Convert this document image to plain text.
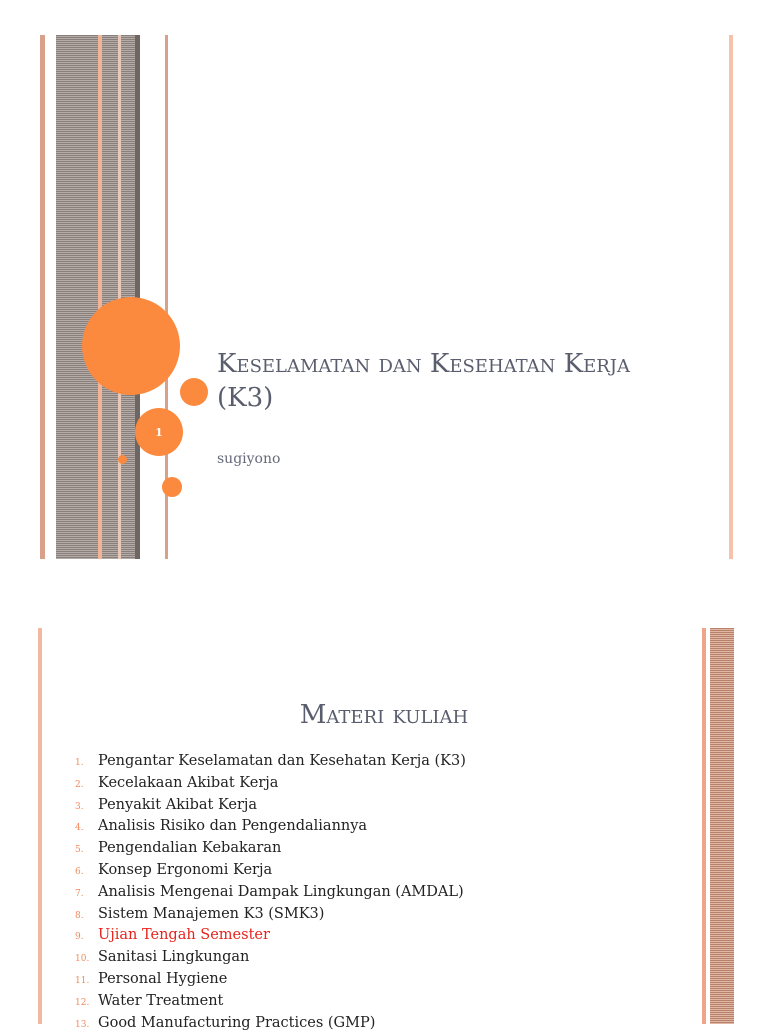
1
Keselamatan dan Kesehatan Kerja (K3)

sugiyono

Materi kuliah
1. Pengantar Keselamatan dan Kesehatan Kerja (K3)
2. Kecelakaan Akibat Kerja
3. Penyakit Akibat Kerja
4. Analisis Risiko dan Pengendaliannya
5. Pengendalian Kebakaran
6. Konsep Ergonomi Kerja
7. Analisis Mengenai Dampak Lingkungan (AMDAL)
8. Sistem Manajemen K3 (SMK3)
9. Ujian Tengah Semester
10. Sanitasi Lingkungan
11. Personal Hygiene
12. Water Treatment
13. Good Manufacturing Practices (GMP)
